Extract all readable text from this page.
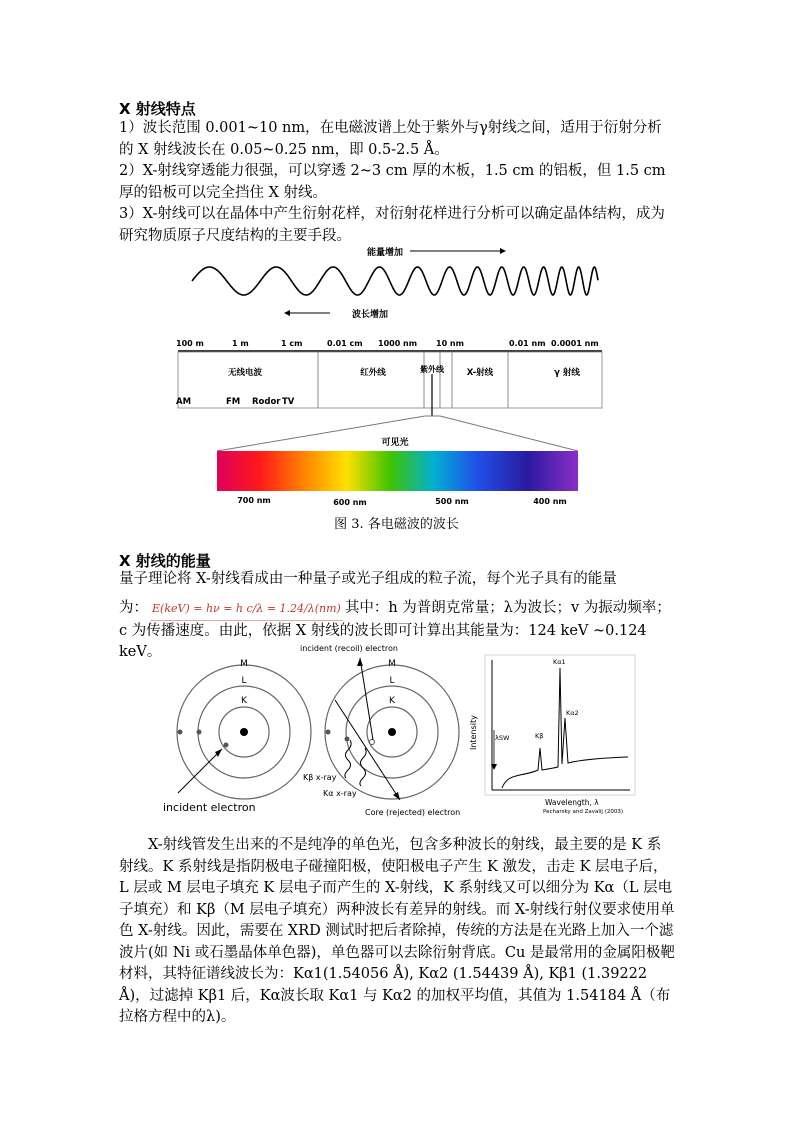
X 射线特点
1）波长范围 0.001~10 nm，在电磁波谱上处于紫外与γ射线之间，适用于衍射分析的 X 射线波长在 0.05~0.25 nm，即 0.5-2.5 Å。
2）X-射线穿透能力很强，可以穿透 2~3 cm 厚的木板，1.5 cm 的铝板，但 1.5 cm 厚的铅板可以完全挡住 X 射线。
3）X-射线可以在晶体中产生衍射花样，对衍射花样进行分析可以确定晶体结构，成为研究物质原子尺度结构的主要手段。
能量增加
波长增加
100 m	1 m	1 cm	0.01 cm 1000 nm 10 nm	0.01 nm 0.0001 nm
无线电波	红外线	紫外线	X-射线	γ 射线
AM	FM Rodor TV
可见光
700 nm	600 nm	500 nm	400 nm
图 3. 各电磁波的波长
X 射线的能量
量子理论将 X-射线看成由一种量子或光子组成的粒子流，每个光子具有的能量
为： E(keV) = hν = h c/λ = 1.24/λ(nm) 其中：h 为普朗克常量；λ为波长；v 为振动频率；c 为传播速度。由此，依据 X 射线的波长即可计算出其能量为：124 keV ~0.124 keV。
M
L
K
incident electron
M
L
K
incident (recoil) electron
Kβ x-ray
Kα x-ray
Core (rejected) electron
Intensity	λSW	Kβ
Kα1
Kα2
Wavelength, λ
Pecharsky and Zavalij (2003)
X-射线管发生出来的不是纯净的单色光，包含多种波长的射线，最主要的是 K 系射线。K 系射线是指阴极电子碰撞阳极，使阳极电子产生 K 激发，击走 K 层电子后，L 层或 M 层电子填充 K 层电子而产生的 X-射线，K 系射线又可以细分为 Kα（L 层电子填充）和 Kβ（M 层电子填充）两种波长有差异的射线。而 X-射线行射仪要求使用单色 X-射线。因此，需要在 XRD 测试时把后者除掉，传统的方法是在光路上加入一个滤波片(如 Ni 或石墨晶体单色器)，单色器可以去除衍射背底。Cu 是最常用的金属阳极靶材料，其特征谱线波长为：Kα1(1.54056 Å), Kα2 (1.54439 Å), Kβ1 (1.39222 Å)，过滤掉 Kβ1 后，Kα波长取 Kα1 与 Kα2 的加权平均值，其值为 1.54184 Å（布拉格方程中的λ)。
